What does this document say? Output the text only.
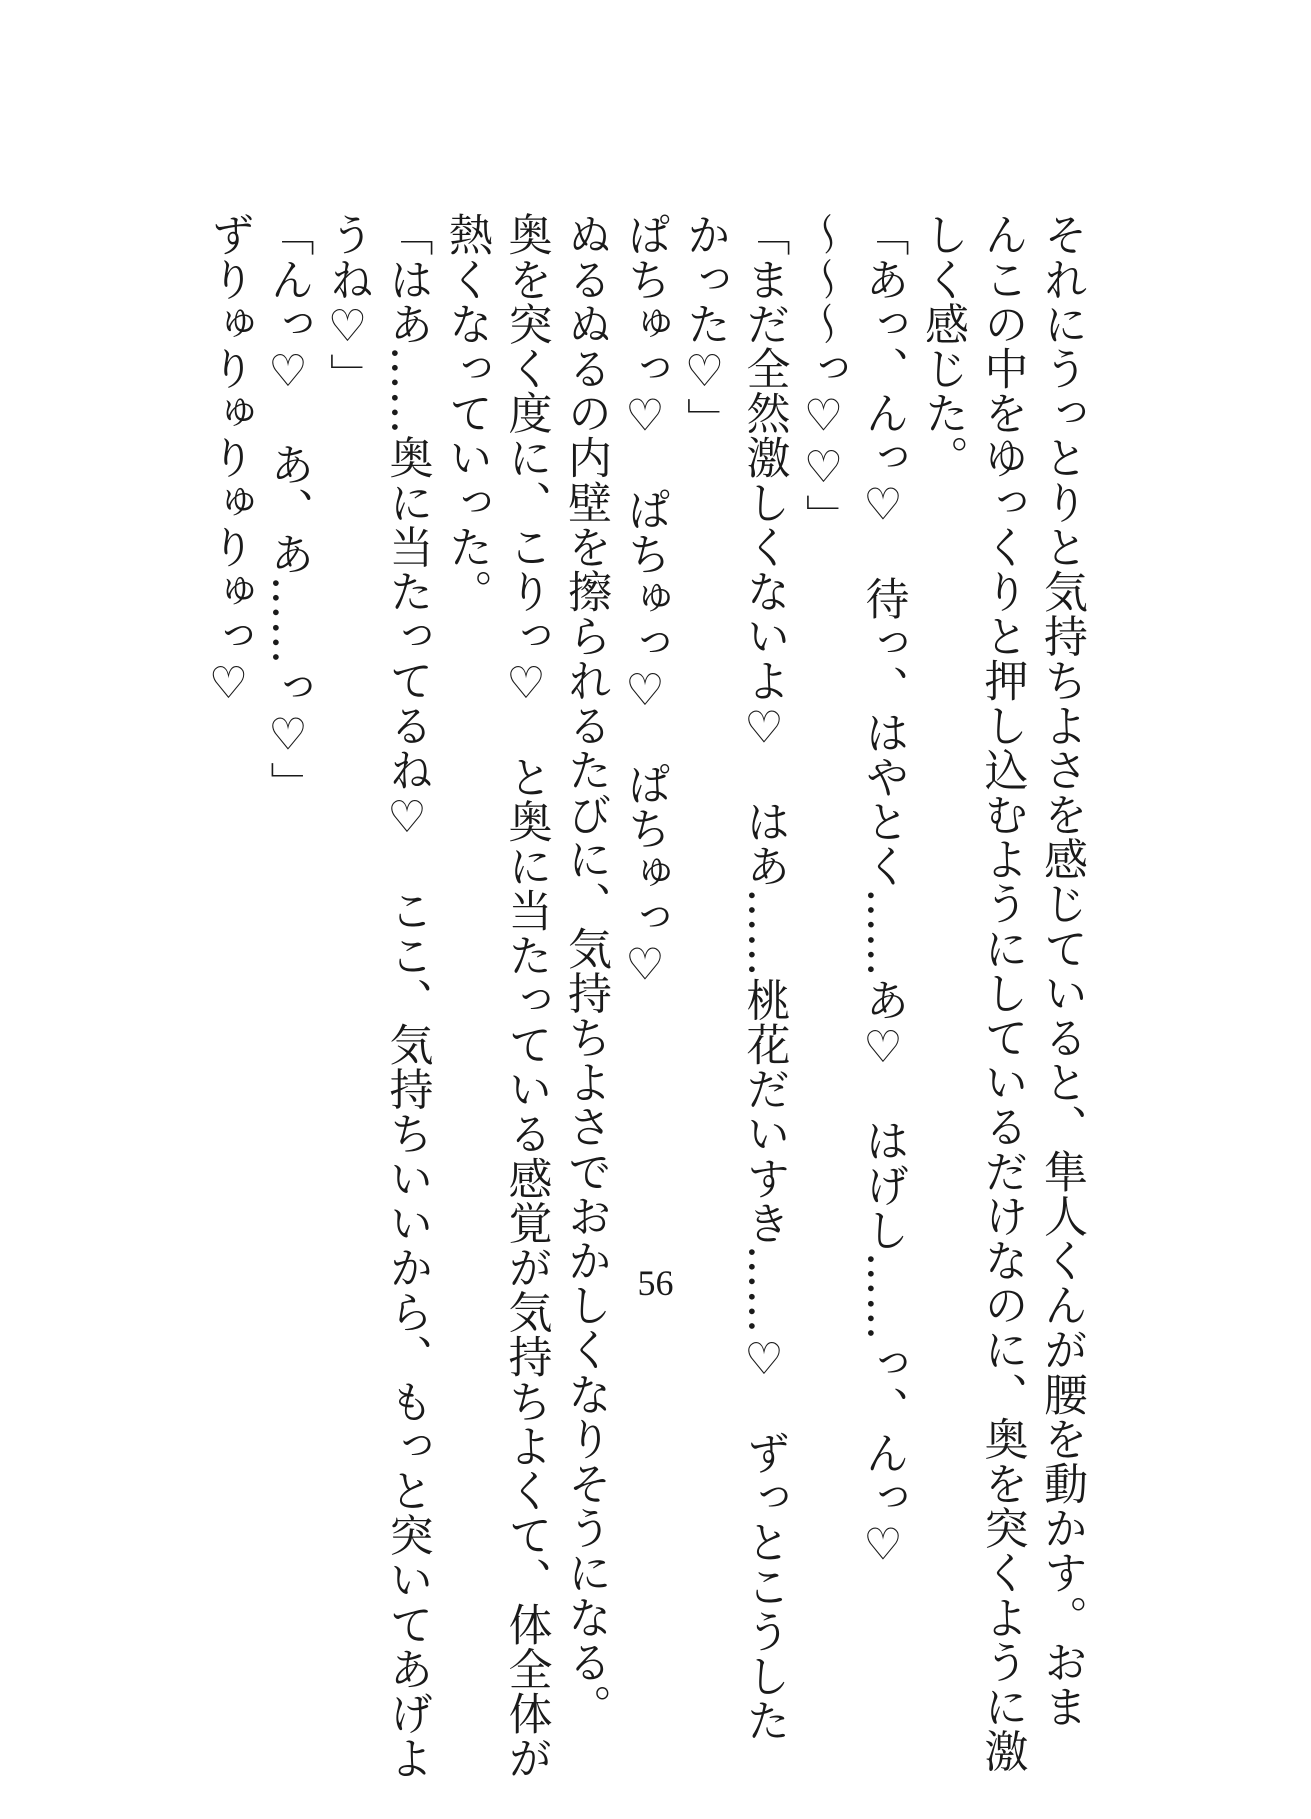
それにうっとりと気持ちよさを感じていると、隼人くんが腰を動かす。おま
んこの中をゆっくりと押し込むようにしているだけなのに、奥を突くように激
しく感じた。
「あっ、んっ♡　待っ、はやとく……あ♡　はげし……っ、んっ♡
〜〜〜っ♡♡」
「まだ全然激しくないよ♡　はあ……桃花だいすき……♡　ずっとこうした
かった♡」
ぱちゅっ♡　ぱちゅっ♡　ぱちゅっ♡
ぬるぬるの内壁を擦られるたびに、気持ちよさでおかしくなりそうになる。
奥を突く度に、こりっ♡　と奥に当たっている感覚が気持ちよくて、体全体が
熱くなっていった。
「はあ……奥に当たってるね♡　ここ、気持ちいいから、もっと突いてあげよ
うね♡」
「んっ♡　あ、あ……っ♡」
ずりゅりゅりゅりゅっ♡
56
